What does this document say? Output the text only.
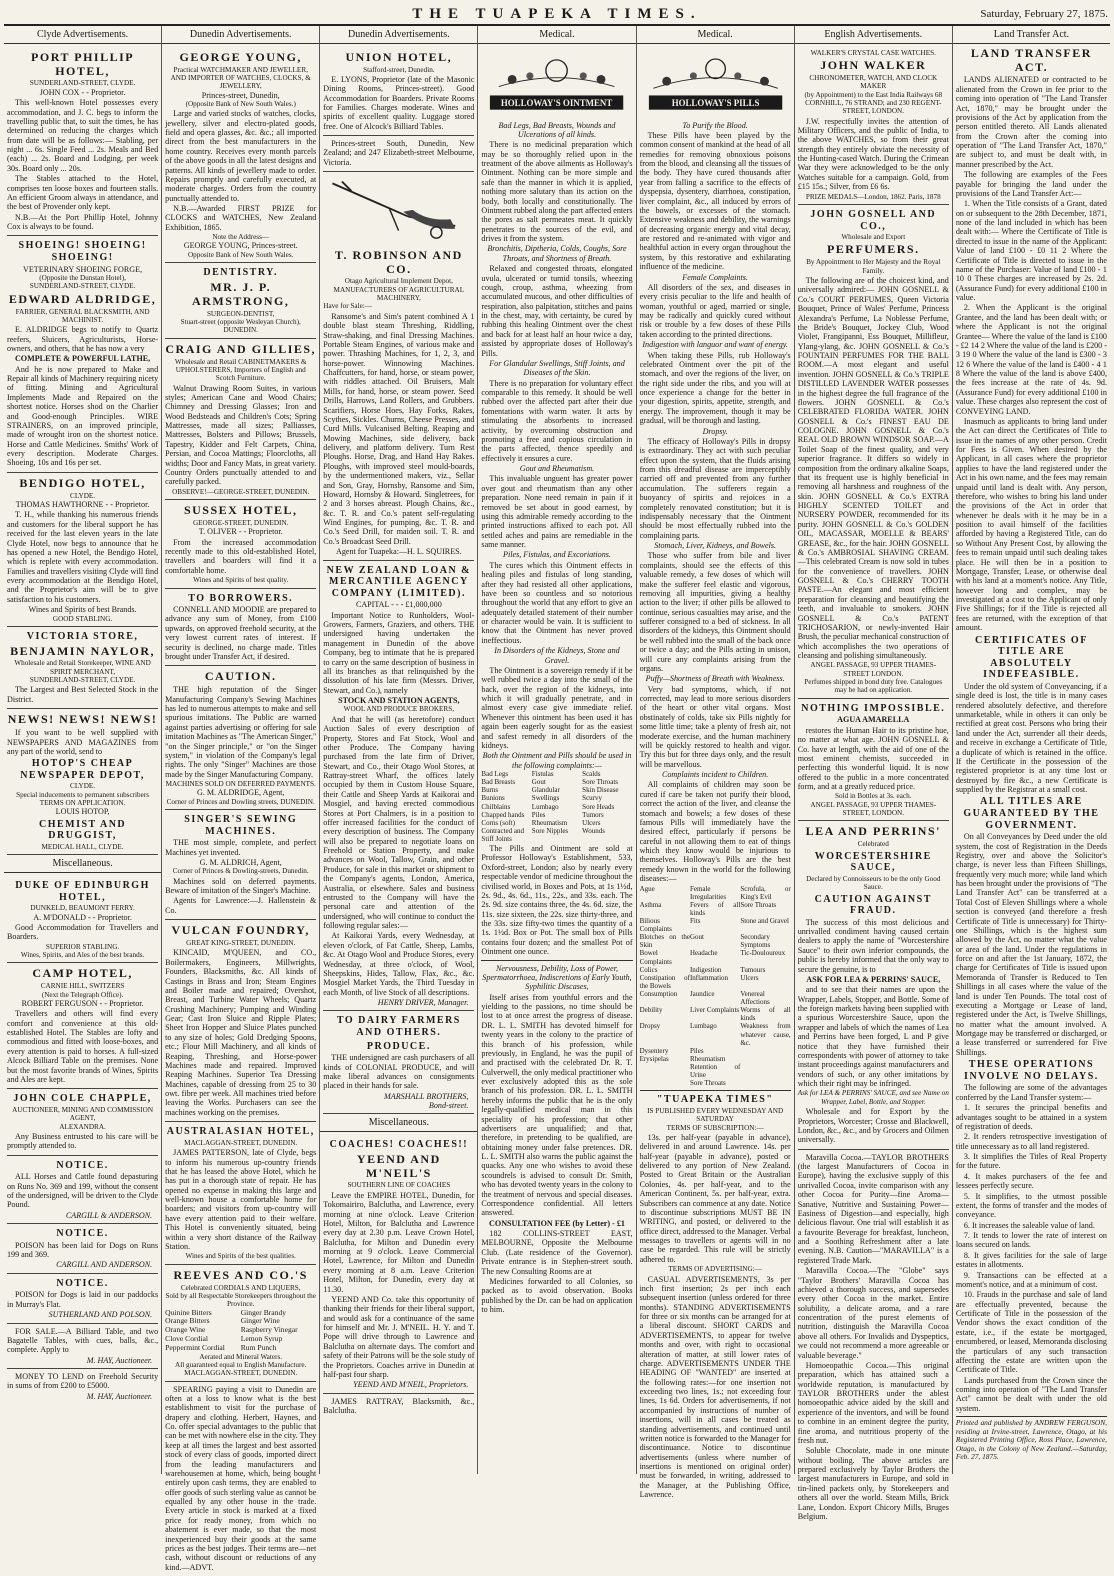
THE TUAPEKA TIMES.	Saturday, February 27, 1875.
Clyde Advertisements.
PORT PHILLIP HOTEL,
SUNDERLAND-STREET, CLYDE.
JOHN COX - - Proprietor.

This well-known Hotel possesses every accommodation, and J. C. begs to inform the travelling public that, to suit the times, he has determined on reducing the charges which from date will be as follows:— Stabling, per night ... 6s. Single Feed ... 2s. Meals and Bed (each) ... 2s. Board and Lodging, per week 30s. Board only ... 20s.

The Stables attached to the Hotel, comprises ten loose boxes and fourteen stalls. An efficient Groom always in attendance, and the best of Provender only kept.

N.B.—At the Port Phillip Hotel, Johnny Cox is always to be found.

SHOEING! SHOEING! SHOEING!
VETERINARY SHOEING FORGE,
(Opposite the Dunstan Hotel),
SUNDERLAND-STREET, CLYDE.
EDWARD ALDRIDGE,
FARRIER, GENERAL BLACKSMITH, AND MACHINIST.

E. ALDRIDGE begs to notify to Quartz reefers, Sluicers, Agriculturists, Horse-owners, and others, that he has now a very

COMPLETE & POWERFUL LATHE,

And he is now prepared to Make and Repair all kinds of Machinery requiring nicety of fitting. Mining and Agricultural Implements Made and Repaired on the shortest notice. Horses shod on the Charlier and Good-enough Principles. WIRE STRAINERS, on an improved principle, made of wrought iron on the shortest notice. Horse and Cattle Medicines. Smiths' Work of every description. Moderate Charges. Shoeing, 10s and 16s per set.

BENDIGO HOTEL,
CLYDE.
THOMAS HAWTHORNE - - Proprietor.

T. H., while thanking his numerous friends and customers for the liberal support he has received for the last eleven years in the late Clyde Hotel, now begs to announce that he has opened a new Hotel, the Bendigo Hotel, which is replete with every accommodation. Families and travellers visiting Clyde will find every accommodation at the Bendigo Hotel, and the Proprietor's aim will be to give satisfaction to his customers.

Wines and Spirits of best Brands.
GOOD STABLING.
VICTORIA STORE,
BENJAMIN NAYLOR,
Wholesale and Retail Storekeeper, WINE AND SPIRIT MERCHANT,
SUNDERLAND-STREET, CLYDE.

The Largest and Best Selected Stock in the District.

NEWS! NEWS! NEWS!

If you want to be well supplied with NEWSPAPERS AND MAGAZINES from any part of the world, send to

HOTOP'S CHEAP NEWSPAPER DEPOT,
CLYDE.
Special inducements to permanent subscribers
TERMS ON APPLICATION.
LOUIS HOTOP,
CHEMIST AND DRUGGIST,
MEDICAL HALL, CLYDE.
Miscellaneous.
DUKE OF EDINBURGH HOTEL,
DUNKELD, BEAUMONT FERRY.
A. M'DONALD - - Proprietor.

Good Accommodation for Travellers and Boarders.

SUPERIOR STABLING.
Wines, Spirits, and Ales of the best brands.
CAMP HOTEL,
CARNIE HILL, SWITZERS
(Next the Telegraph Office).
ROBERT FERGUSON - - Proprietor.

Travellers and others will find every comfort and convenience at this old-established Hotel. The Stables are lofty and commodious and fitted with loose-boxes, and every attention is paid to horses. A full-sized Alcock Billiard Table on the premises. None but the most favorite brands of Wines, Spirits and Ales are kept.

JOHN COLE CHAPPLE,
AUCTIONEER, MINING AND COMMISSION AGENT,
ALEXANDRA.

Any Business entrusted to his care will be promptly attended to.

NOTICE.

ALL Horses and Cattle found depasturing on Runs No. 369 and 199, without the consent of the undersigned, will be driven to the Clyde Pound.

CARGILL & ANDERSON.
NOTICE.

POISON has been laid for Dogs on Runs 199 and 369.

CARGILL AND ANDERSON.
NOTICE.

POISON for Dogs is laid in our paddocks in Murray's Flat.

SUTHERLAND AND POLSON.

FOR SALE.—A Billiard Table, and two Bagatelle Tables, with cues, balls, &c., complete. Apply to

M. HAY, Auctioneer.

MONEY TO LEND on Freehold Security in sums of from £200 to £5000.

M. HAY, Auctioneer.
Dunedin Advertisements.
GEORGE YOUNG,
Practical WATCHMAKER AND JEWELLER, AND IMPORTER OF WATCHES, CLOCKS, & JEWELLERY,
Princes-street, Dunedin,
(Opposite Bank of New South Wales.)

Large and varied stocks of watches, clocks, jewellery, silver and electro-plated goods, field and opera glasses, &c. &c.; all imported direct from the best manufacturers in the home country. Receives every month parcels of the above goods in all the latest designs and patterns. All kinds of jewellery made to order. Repairs promptly and carefully executed, at moderate charges. Orders from the country punctually attended to.

N.B.—Awarded FIRST PRIZE for CLOCKS and WATCHES, New Zealand Exhibition, 1865.

Note the Address—
GEORGE YOUNG, Princes-street.
Opposite Bank of New South Wales.
DENTISTRY.
MR. J. P. ARMSTRONG,
SURGEON-DENTIST,
Stuart-street (opposite Wesleyan Church), DUNEDIN.
CRAIG AND GILLIES,
Wholesale and Retail CABINETMAKERS & UPHOLSTERERS, Importers of English and Scotch Furniture.

Walnut Drawing Room Suites, in various styles; American Cane and Wood Chairs; Chimney and Dressing Glasses; Iron and Wood Bedsteads and Children's Cots; Spring Mattresses, made all sizes; Palliasses, Mattresses, Bolsters and Pillows; Brussels, Tapestry, Kidder and Felt Carpets, China, Persian, and Cocoa Mattings; Floorcloths, all widths; Door and Fancy Mats, in great variety. Country Orders punctually attended to and carefully packed.

OBSERVE!—GEORGE-STREET, DUNEDIN.
SUSSEX HOTEL,
GEORGE-STREET, DUNEDIN.
T. OLIVER - - Proprietor.

From the increased accommodation recently made to this old-established Hotel, travellers and boarders will find it a comfortable home.

Wines and Spirits of best quality.
TO BORROWERS.

CONNELL AND MOODIE are prepared to advance any sum of Money, from £100 upwards, on approved freehold security, at the very lowest current rates of interest. If security is declined, no charge made. Titles brought under Transfer Act, if desired.

CAUTION.

THE high reputation of the Singer Manufacturing Company's Sewing Machines has led to numerous attempts to make and sell spurious imitations. The Public are warned against parties advertising or offering for sale imitation Machines as "The American Singer," "on the Singer principle," or "on the Singer system," in violation of the Company's legal rights. The only "Singer" Machines are those made by the Singer Manufacturing Company.

MACHINES SOLD ON DEFERRED PAYMENTS.
G. M. ALDRIDGE, Agent,
Corner of Princes and Dowling streets, DUNEDIN.
SINGER'S SEWING MACHINES.

THE most simple, complete, and perfect Machines yet invented.

G. M. ALDRICH, Agent,
Corner of Princes & Dowling-streets, Dunedin.

Machines sold on deferred payments. Beware of imitation of the Singer's Machine.

Agents for Lawrence:—J. Hallenstein & Co.

VULCAN FOUNDRY,
GREAT KING-STREET, DUNEDIN.

KINCAID, M'QUEEN, and CO., Boilermakers, Engineers, Millwrights, Founders, Blacksmiths, &c. All kinds of Castings in Brass and Iron; Steam Engines and Boiler made and repaired; Overshot, Breast, and Turbine Water Wheels; Quartz Crushing Machinery; Pumping and Winding Gear; Cast Iron Sluice and Ripple Plates; Sheet Iron Hopper and Sluice Plates punched to any size of holes; Gold Dredging Spoons, etc.; Flour Mill Machinery, and all kinds of Reaping, Threshing, and Horse-power Machines made and repaired. Improved Reaping Machines. Superior Tea Dressing Machines, capable of dressing from 25 to 30 owt. fibre per week. All machines tried before leaving the Works. Purchasers can see the machines working on the premises.

AUSTRALASIAN HOTEL,
MACLAGGAN-STREET, DUNEDIN.

JAMES PATTERSON, late of Clyde, begs to inform his numerous up-country friends that he has leased the above Hotel, which he has put in a thorough state of repair. He has opened no expense in making this large and well-known house a comfortable home for boarders; and visitors from up-country will have every attention paid to their welfare. This Hotel is conveniently situated, being within a very short distance of the Railway Station.

Wines and Spirits of the best qualities.
REEVES AND CO.'S
Celebrated CORDIALS AND LIQUERS,
Sold by all Respectable Storekeepers throughout the Province.
Quinine Bitters	Ginger Brandy
Orange Bitters	Ginger Wine
Orange Wine	Raspberry Vinegar
Clove Cordial	Lemon Syrup
Peppermint Cordial	Rum Punch
Aerated and Mineral Waters.
All guaranteed equal to English Manufacture.
MACLAGGAN-STREET, DUNEDIN.

SPEARING paying a visit to Dunedin are often at a loss to know what is the best establishment to visit for the purchase of drapery and clothing. Herbert, Haynes, and Co. offer special advantages to the public that can be met with nowhere else in the city. They keep at all times the largest and best assorted stock of every class of goods, imported direct from the leading manufacturers and warehousemen at home, which, being bought entirely upon cash terms, they are enabled to offer goods of such sterling value as cannot be equalled by any other house in the trade. Every article in stock is marked at a fixed price for ready money, from which no abatement is ever made, so that the most inexperienced buy their goods at the same prices as the best judges. Their terms are—net cash, without discount or reductions of any kind.—ADVT.

Dunedin Advertisements.
UNION HOTEL,
Stafford-street, Dunedin.

E. LYONS, Proprietor (late of the Masonic Dining Rooms, Princes-street). Good Accommodation for Boarders. Private Rooms for Families. Charges moderate. Wines and spirits of excellent quality. Luggage stored free. One of Alcock's Billiard Tables.

Princes-street South, Dunedin, New Zealand; and 247 Elizabeth-street Melbourne, Victoria.

T. ROBINSON AND CO.
Otago Agricultural Implement Depot, MANUFACTURERS OF AGRICULTURAL MACHINERY,
Have for Sale:—

Ransome's and Sim's patent combined A 1 double blast steam Threshing, Riddling, Straw-shaking, and final Dressing Machines. Portable Steam Engines, of various make and power. Thrashing Machines, for 1, 2, 3, and horse-power. Winnowing Machines. Chaffcutters, for hand, horse, or steam power, with riddles attached. Oil Bruisers, Malt Mills, for hand, horse, or steam power. Seed Drills, Harrows, Land Rollers, and Grubbers. Scarifiers, Horse Hoes, Hay Forks, Rakes, Scythes, Sickles. Churns, Cheese Presses, and Curd Mills. Vulcanised Belting. Reaping and Mowing Machines, side delivery, back delivery, and platform delivery. Turn Rest Ploughs. Horse, Drag, and Hand Hay Rakes. Ploughs, with improved steel mould-boards, by the undermentioned makers, viz., Sellar and Son, Gray, Hornsby, Ransome and Sim, Howard, Hornsby & Howard. Singletrees, for 2 and 3 horses abreast. Plough Chains, &c., &c. T. R. and Co.'s patent self-regulating Wind Engines, for pumping, &c. T. R. and Co.'s Seed Drill, for maiden soil. T. R. and Co.'s Broadcast Seed Drill.

Agent for Tuapeka:—H. L. SQUIRES.
NEW ZEALAND LOAN & MERCANTILE AGENCY COMPANY (LIMITED).
CAPITAL - - - £1,000,000

Important Notice to Runholders, Wool-Growers, Farmers, Graziers, and others. THE undersigned having undertaken the management in Dunedin of the above Company, beg to intimate that he is prepared to carry on the same description of business in all its branches as that relinquished by the dissolution of his late firm (Messrs. Driver, Stewart, and Co.), namely

STOCK AND STATION AGENTS,
WOOL AND PRODUCE BROKERS,

And that he will (as heretofore) conduct Auction Sales of every description of Property, Stores and Fat Stock, Wool and other Produce. The Company having purchased from the late firm of Driver, Stewart, and Co., their Otago Wool Stores, at Rattray-street Wharf, the offices lately occupied by them in Custom House Square, their Cattle and Sheep Yards at Kaikorai and Mosgiel, and having erected commodious Stores at Port Chalmers, is in a position to offer increased facilities for the conduct of every description of business. The Company will also be prepared to negotiate loans on Freehold or Station Property, and make advances on Wool, Tallow, Grain, and other Produce, for sale in this market or shipment to the Company's agents, London, America, Australia, or elsewhere. Sales and business entrusted to the Company will have the personal care and attention of the undersigned, who will continue to conduct the following regular sales:—

At Kaikorai Yards, every Wednesday, at eleven o'clock, of Fat Cattle, Sheep, Lambs, &c. At Otago Wool and Produce Stores, every Wednesday, at three o'clock, of Wool, Sheepskins, Hides, Tallow, Flax, &c., &c. Mosgiel Market Yards, the Third Tuesday in each Month, of live Stock of all descriptions.

HENRY DRIVER, Manager.
TO DAIRY FARMERS AND OTHERS.
PRODUCE.

THE undersigned are cash purchasers of all kinds of COLONIAL PRODUCE, and will make liberal advances on consignments placed in their hands for sale.

MARSHALL BROTHERS,
Bond-street.
Miscellaneous.
COACHES! COACHES!!
YEEND AND M'NEIL'S
SOUTHERN LINE OF COACHES

Leave the EMPIRE HOTEL, Dunedin, for Tokomairiro, Balclutha, and Lawrence, every morning at nine o'clock. Leave Criterion Hotel, Milton, for Balclutha and Lawrence every day at 2.30 p.m. Leave Crown Hotel, Balclutha, for Milton and Dunedin every morning at 9 o'clock. Leave Commercial Hotel, Lawrence, for Milton and Dunedin every morning at 8 a.m. Leave Criterion Hotel, Milton, for Dunedin, every day at 11.30.

YEEND AND Co. take this opportunity of thanking their friends for their liberal support, and would ask for a continuance of the same for himself and Mr. J. M'NEIL. H. Y. and T. Pope will drive through to Lawrence and Balclutha on alternate days. The comfort and safety of their Patrons will be the sole study of the Proprietors. Coaches arrive in Dunedin at half-past four sharp.

YEEND AND M'NEIL, Proprietors.

JAMES RATTRAY, Blacksmith, &c., Balclutha.

Medical.
HOLLOWAY'S OINTMENT
Bad Legs, Bad Breasts, Wounds and Ulcerations of all kinds.

There is no medicinal preparation which may be so thoroughly relied upon in the treatment of the above ailments as Holloway's Ointment. Nothing can be more simple and safe than the manner in which it is applied, nothing more salutary than its action on the body, both locally and constitutionally. The Ointment rubbed along the part affected enters the pores as salt permeates meat. It quickly penetrates to the sources of the evil, and drives it from the system.

Bronchitis, Diptheria, Colds, Coughs, Sore Throats, and Shortness of Breath.

Relaxed and congested throats, elongated uvula, ulcerated or tumid tonsils, wheezing cough, croup, asthma, wheezing from accumulated mucous, and other difficulties of respiration, also palpitation, stitches and pains in the chest, may, with certainty, be cured by rubbing this healing Ointment over the chest and back for at least half an hour twice a day, assisted by appropriate doses of Holloway's Pills.

For Glandular Swellings, Stiff Joints, and Diseases of the Skin.

There is no preparation for voluntary effect comparable to this remedy. It should be well rubbed over the affected part after their due fomentations with warm water. It acts by stimulating the absorbents to increased activity, by overcoming obstruction and promoting a free and copious circulation in the parts affected, thence speedily and effectively it ensures a cure.

Gout and Rheumatism.

This invaluable unguent has greater power over gout and rheumatism than any other preparation. None need remain in pain if it removed be set about in good earnest, by using this admirable remedy according to the printed instructions affixed to each pot. All settled aches and pains are remediable in the same manner.

Piles, Fistulas, and Excoriations.

The cures which this Ointment effects in healing piles and fistulas of long standing, after they had resisted all other applications, have been so countless and so notorious throughout the world that any effort to give an adequately detailed statement of their number or character would be vain. It is sufficient to know that the Ointment has never proved ineffectious.

In Disorders of the Kidneys, Stone and Gravel.

The Ointment is a sovereign remedy if it be well rubbed twice a day into the small of the back, over the region of the kidneys, into which it will gradually penetrate, and in almost every case give immediate relief. Whenever this ointment has been used it has again been eagerly sought for as the easiest and safest remedy in all disorders of the kidneys.

Both the Ointment and Pills should be used in the following complaints:—
Bad Legs	Fistulas	Scalds
Bad Breasts	Gout	Sore Throats
Burns	Glandular	Skin Disease
Bunions	Swellings	Scurvy
Chilblains	Lumbago	Sore Heads
Chapped hands	Piles	Tumors
Corns (soft)	Rheumatism	Ulcers
Contracted and	Sore Nipples	Wounds
Stiff Joints

The Pills and Ointment are sold at Professor Holloway's Establishment, 533, Oxford-street, London; also by nearly every respectable vendor of medicine throughout the civilised world, in Boxes and Pots, at 1s 1½d, 2s. 9d., 4s. 6d., 11s., 22s., and 33s. each. The 2s. 9d. size contains three, the 4s. 6d. size, the 11s. size sixteen, the 22s. size thirty-three, and the 33s. size fifty-two times the quantity of a 1s. 1½d. Box or Pot. The small box of Pills contains four dozen; and the smallest Pot of Ointment one ounce.

Nervousness, Debility, Loss of Power, Spermatorrhoea, Indiscretions of Early Youth, Syphilitic Discases,

Itself arises from youthful errors and the yielding to the passions, no time should be lost to at once arrest the progress of disease. DR. L. L. SMITH has devoted himself for twenty years in the colony to the practice of this branch of his profession, while previously, in England, he was the pupil of and practised with the celebrated Dr. R. T. Culverwell, the only medical practitioner who ever exclusively adopted this as the sole branch of his profession. DR. L. L. SMITH hereby informs the public that he is the only legally-qualified medical man in this speciality of his profession; that other advertisers are unqualified; and that, therefore, in pretending to be qualified, are obtaining money under false pretences. DR. L. L. SMITH also warns the public against the quacks. Any one who wishes to avoid these scoundrels is advised to consult Dr. Smith, who has devoted twenty years in the colony to the treatment of nervous and special diseases. Correspondence confidential. All letters answered.

CONSULTATION FEE (by Letter) - £1

182 COLLINS-STREET EAST, MELBOURNE, Opposite the Melbourne Club. (Late residence of the Governor). Private entrance is in Stephen-street south. The new Consulting Rooms are at

Medicines forwarded to all Colonies, so packed as to avoid observation. Books published by the Dr. can be had on application to him.

Medical.
HOLLOWAY'S PILLS
To Purify the Blood.

These Pills have been played by the common consent of mankind at the head of all remedies for removing obnoxious poisons from the blood, and cleansing all the tissues of the body. They have cured thousands after year from falling a sacrifice to the effects of dyspepsia, dysentery, diarrhoea, constipation, liver complaint, &c., all induced by errors of the bowels, or excesses of the stomach. Extensive weakness and debility, the warnings of decreasing organic energy and vital decay, are restored and re-animated with vigor and healthful action in every organ throughout the system, by this restorative and exhilarating influence of the medicine.

Female Complaints.

All disorders of the sex, and diseases in every crisis peculiar to the life and health of woman, youthful or aged, married or single, may be radically and quickly cured without risk or trouble by a few doses of these Pills taken according to the printed directions.

Indigestion with languor and want of energy.

When taking these Pills, rub Holloway's celebrated Ointment over the pit of the stomach, and over the regions of the liver, on the right side under the ribs, and you will at once experience a change for the better in your digestion, spirits, appetite, strength, and energy. The improvement, though it may be gradual, will be thorough and lasting.

Dropsy.

The efficacy of Holloway's Pills in dropsy is extraordinary. They act with such peculiar effect upon the system, that the fluids arising from this dreadful disease are imperceptibly carried off and prevented from any further accumulation. The sufferers regain a buoyancy of spirits and rejoices in a completely renovated constitution; but it is indispensably necessary that the Ointment should be most effectually rubbed into the complaining parts.

Stomach, Liver, Kidneys, and Bowels.

Those who suffer from bile and liver complaints, should see the effects of this valuable remedy, a few doses of which will make the sufferer feel elastic and vigorous, removing all impurities, giving a healthy action to the liver; if other pills be allowed to continue, serious casualties may arise, and the sufferer consigned to a bed of sickness. In all disorders of the kidneys, this Ointment should be well rubbed into the small of the back once or twice a day; and the Pills acting in unison, will cure any complaints arising from the organs.

Puffy—Shortness of Breath with Weakness.

Very bad symptoms, which, if not corrected, may lead to more serious disorders of the heart or other vital organs. Most obstinately of colds, take six Pills nightly for some little time; take a plenty of fresh air, not moderate exercise, and the human machinery will be quickly restored to health and vigor. Try this but for three days only, and the result will be marvellous.

Complaints incident to Children.

All complaints of children may soon be cured if care be taken not purify their blood, correct the action of the liver, and cleanse the stomach and bowels; a few doses of these famous Pills will immediately have the desired effect, particularly if persons be careful in not allowing them to eat of things which they know would be injurious to themselves. Holloway's Pills are the best remedy known in the world for the following diseases:—

Ague	Female Irregularities
Scrofula, or King's Evil
Asthma	Fevers of all kinds
Sore Throats
Bilious Complaints
Fits	Stone and Gravel
Blotches on the Skin
Gout	Secondary Symptoms
Bowel Complaints
Headache	Tic-Douloureux
Colics	Indigestion	Tumours
Constipation of the Bowels
Inflammation	Ulcers
Consumption	Jaundice	Venereal Affections
Debility	Liver Complaints Worms of all kinds
Dropsy	Lumbago	Weakness from whatever cause, &c.
Dysentery	Piles
Erysipelas	Rheumatism
Retention of Urine
Sore Throats
"TUAPEKA TIMES"
IS PUBLISHED EVERY WEDNESDAY AND SATURDAY
TERMS OF SUBSCRIPTION:—

13s. per half-year (payable in advance), delivered in and around Lawrence. 14s. per half-year (payable in advance), posted or delivered to any portion of New Zealand. Posted to Great Britain or the Australian Colonies, 4s. per half-year, and to the American Continent, 5s. per half-year, extra. Subscribers can commence at any date. Notice to discontinue subscriptions MUST BE IN WRITING, and posted, or delivered to the office direct, addressed to the Manager. Verbal messages to travellers or agents will in no case be regarded. This rule will be strictly adhered to.

TERMS OF ADVERTISING:—

CASUAL ADVERTISEMENTS, 3s per inch first insertion; 2s per inch each subsequent insertion (unless ordered for three months). STANDING ADVERTISEMENTS for three or six months can be arranged for at a liberal discount. SHORT CARDS and ADVERTISEMENTS, to appear for twelve months and over, with right to occasional alteration of matter, at still lower rates of charge. ADVERTISEMENTS UNDER THE HEADING OF "WANTED" are inserted at the following rates:—for one insertion not exceeding two lines, 1s.; not exceeding four lines, 1s 6d. Orders for advertisements, if not accompanied by instructions of number of insertions, will in all cases be treated as standing advertisements, and continued until written notice is forwarded to the Manager for discontinuance. Notice to discontinue advertisements (unless where number of insertions is mentioned on original order) must be forwarded, in writing, addressed to the Manager, at the Publishing Office, Lawrence.

English Advertisements.
WALKER'S CRYSTAL CASE WATCHES.
JOHN WALKER
CHRONOMETER, WATCH, AND CLOCK MAKER
(by Appointment) to the East India Railways 68 CORNHILL, 76 STRAND; and 230 REGENT-STREET, LONDON.

J.W. respectfully invites the attention of Military Officers, and the public of India, to the above WATCHES, so from their great strength they entirely obviate the necessity of the Hunting-cased Watch. During the Crimean War they were acknowledged to be the only Watches suitable for a campaign. Gold, from £15 15s.; Silver, from £6 6s.

PRIZE MEDALS—London, 1862. Paris, 1878
JOHN GOSNELL AND CO.,
Wholesale and Export
PERFUMERS.
By Appointment to Her Majesty and the Royal Family.

The following are of the choicest kind, and universally admired:— JOHN GOSNELL & Co.'s COURT PERFUMES, Queen Victoria Bouquet, Prince of Wales' Perfume, Princess Alexandra's Perfume, La Noblesse Perfume, the Bride's Bouquet, Jockey Club, Wood Violet, Frangipanni, Ess Bouquet, Millifleur, Ylang-ylang, &c. JOHN GOSNELL & Co.'s FOUNTAIN PERFUMES FOR THE BALL ROOM.—A most elegant and useful invention. JOHN GOSNELL & Co.'s TRIPLE DISTILLED LAVENDER WATER possesses in the highest degree the full fragrance of the flowers. JOHN GOSNELL & Co.'s CELEBRATED FLORIDA WATER. JOHN GOSNELL & Co.'s FINEST EAU DE COLOGNE. JOHN GOSNELL & Co.'s REAL OLD BROWN WINDSOR SOAP.—A Toilet Soap of the finest quality, and very superior fragrance. It differs so widely in composition from the ordinary alkaline Soaps, that its frequent use is highly beneficial in removing all harshness and roughness of the skin. JOHN GOSNELL & Co.'s EXTRA HIGHLY SCENTED TOILET and NURSERY POWDER, recommended for its purity. JOHN GOSNELL & Co.'s GOLDEN OIL, MACASSAR, MOELLE & BEARS' GREASE, &c., for the hair. JOHN GOSNELL & Co.'s AMBROSIAL SHAVING CREAM.—This celebrated Cream is now sold in tubes for the convenience of travellers. JOHN GOSNELL & Co.'s CHERRY TOOTH PASTE.—An elegant and most efficient preparation for cleansing and beautifying the teeth, and invaluable to smokers. JOHN GOSNELL & Co.'s PATENT TRICHOSARION, or newly-invented Hair Brush, the peculiar mechanical construction of which accomplishes the two operations of cleansing and polishing simultaneously.

ANGEL PASSAGE, 93 UPPER THAMES-STREET LONDON.
Perfumes shipped in bond duty free. Catalogues may be had on application.
NOTHING IMPOSSIBLE.
AGUA AMARELLA

restores the Human Hair to its pristine hue, no matter at what age. JOHN GOSNELL & Co. have at length, with the aid of one of the most eminent chemists, succeeded in perfecting this wonderful liquid. It is now offered to the public in a more concentrated form, and at a greatly reduced price.

Sold in Bottles at 3s. each.
ANGEL PASSAGE, 93 UPPER THAMES-STREET, LONDON.
LEA AND PERRINS'
Celebrated
WORCESTERSHIRE SAUCE,
Declared by Connoisseurs to be the only Good Sauce.
CAUTION AGAINST FRAUD.

The success of this most delicious and unrivalled condiment having caused certain dealers to apply the name of "Worcestershire Sauce" to their own inferior compounds, the public is hereby informed that the only way to secure the genuine, is to

ASK FOR LEA & PERRINS' SAUCE,

and to see that their names are upon the Wrapper, Labels, Stopper, and Bottle. Some of the foreign markets having been supplied with a spurious Worcestershire Sauce, upon the wrapper and labels of which the names of Lea and Perrins have been forged, L and P give notice that they have furnished their correspondents with power of attorney to take instant proceedings against manufacturers and vendors of such, or any other imitations by which their right may be infringed.

Ask for LEA & PERRINS' SAUCE, and see Name on Wrapper, Label, Bottle, and Stopper.

Wholesale and for Export by the Proprietors, Worcester; Crosse and Blackwell, London, &c., &c., and by Grocers and Oilmen universally.

Maravilla Cocoa.—TAYLOR BROTHERS (the largest Manufacturers of Cocoa in Europe), having the exclusive supply of this unrivalled Cocoa, invite comparison with any other Cocoa for Purity—fine Aroma—Sanative, Nutritive and Sustaining Power—Easiness of Digestion—and especially, high delicious flavour. One trial will establish it as a favourite Beverage for breakfast, luncheon, and a Soothing Refreshment after a late evening. N.B. Caution—"MARAVILLA" is a registered Trade Mark.

Maravilla Cocoa.—The "Globe" says "Taylor Brothers' Maravilla Cocoa has achieved a thorough success, and supersedes every other Cocoa in the market. Entire solubility, a delicate aroma, and a rare concentration of the purest elements of nutrition, distinguish the Maravilla Cocoa above all others. For Invalids and Dyspeptics, we could not recommend a more agreeable or valuable beverage."

Homoeopathic Cocoa.—This original preparation, which has attained such a worldwide reputation, is manufactured by TAYLOR BROTHERS under the ablest homoeopathic advice aided by the skill and experience of the inventors, and will be found to combine in an eminent degree the purity, fine aroma, and nutritious property of the fresh nut.

Soluble Chocolate, made in one minute without boiling. The above articles are prepared exclusively by Taylor Brothers the largest manufacturers in Europe, and sold in tin-lined packets only, by Storekeepers and others all over the world. Steam Mills, Brick Lane, London. Export Chicory Mills, Bruges Belgium.

Land Transfer Act.
LAND TRANSFER ACT.

LANDS ALIENATED or contracted to be alienated from the Crown in fee prior to the coming into operation of "The Land Transfer Act, 1870," may be brought under the provisions of the Act by application from the person entitled thereto. All Lands alienated from the Crown after the coming into operation of "The Land Transfer Act, 1870," are subject to, and must be dealt with, in manner prescribed by the Act.

The following are examples of the Fees payable for bringing the land under the provisions of the Land Transfer Act:—

1. When the Title consists of a Grant, dated on or subsequent to the 28th December, 1871, none of the land included in which has been dealt with:— Where the Certificate of Title is directed to issue in the name of the Applicant: Value of land £100 - £0 11 2 Where the Certificate of Title is directed to issue in the name of the Purchaser: Value of land £100 - 1 10 0 These charges are increased by 2s. 2d. (Assurance Fund) for every additional £100 in value.

2. When the Applicant is the original Grantee, and the land has been dealt with; or where the Applicant is not the original Grantee— Where the value of the land is £100 - £2 14 2 Where the value of the land is £200 - 3 19 0 Where the value of the land is £300 - 3 12 6 Where the value of the land is £400 - 4 1 8 Where the value of the land is above £400, the fees increase at the rate of 4s. 9d. (Assurance Fund) for every additional £100 in value. These charges also represent the cost of CONVEYING LAND.

Inasmuch as applicants to bring land under the Act can direct the Certificates of Title to issue in the names of any other person. Credit for Fees is Given. When desired by the Applicant, in all cases where the proprietor applies to have the land registered under the Act in his own name, and the fees may remain unpaid until land is dealt with. Any person, therefore, who wishes to bring his land under the provisions of the Act in order that whenever he deals with it he may be in a position to avail himself of the facilities afforded by having a Registered Title, can do so Without Any Present Cost, by allowing the fees to remain unpaid until such dealing takes place. He will then be in a position to Mortgage, Transfer, Lease, or otherwise deal with his land at a moment's notice. Any Title, however long and complex, may be investigated at a cost to the Applicant of only Five Shillings; for if the Title is rejected all fees are returned, with the exception of that amount.

CERTIFICATES OF TITLE ARE ABSOLUTELY INDEFEASIBLE.

Under the old system of Conveyancing, if a single deed is lost, the title is in many cases rendered absolutely defective, and therefore unmarketable, while in others it can only be rectified at great cost. Persons who bring their land under the Act, surrender all their deeds, and receive in exchange a Certificate of Title, a duplicate of which is retained in the office. If the Certificate in the possession of the registered proprietor is at any time lost or destroyed by fire &c., a new Certificate is supplied by the Registrar at a small cost.

ALL TITLES ARE GUARANTEED BY THE GOVERNMENT.

On all Conveyances by Deed under the old system, the cost of Registration in the Deeds Registry, over and above the Solicitor's charge, is never less than Fifteen Shillings, frequently very much more; while land which has been brought under the provisions of "The Land Transfer Act" can be transferred at a Total Cost of Eleven Shillings where a whole section is conveyed (and therefore a fresh Certificate of Title is unnecessary) for Thirty-one Shillings, which is the highest sum allowed by the Act, no matter what the value or area of the land. Under the regulations in force on and after the 1st January, 1872, the charge for Certificates of Title is issued upon Memoranda of Transfer is Reduced to Ten Shillings in all cases where the value of the land is under Ten Pounds. The total cost of executing a Mortgage or Lease of land, registered under the Act, is Twelve Shillings, no matter what the amount involved. A Mortgage may be transferred or discharged, or a lease transferred or surrendered for Five Shillings.

THESE OPERATIONS INVOLVE NO DELAYS.

The following are some of the advantages conferred by the Land Transfer system:—

1. It secures the principal benefits and advantages sought to be attained in a system of registration of deeds.

2. It renders retrospective investigation of title unnecessary as to all land registered.

3. It simplifies the Titles of Real Property for the future.

4. It makes purchasers of the fee and lessees perfectly secure.

5. It simplifies, to the utmost possible extent, the forms of transfer and the modes of conveyance.

6. It increases the saleable value of land.

7. It tends to lower the rate of interest on loans secured on lands.

8. It gives facilities for the sale of large estates in allotments.

9. Transactions can be effected at a moment's notice, and at a minimum of cost.

10. Frauds in the purchase and sale of land are effectually prevented, because the Certificate of Title in the possession of the Vendor shows the exact condition of the estate, i.e., if the estate be mortgaged, encumbered, or leased, Memoranda disclosing the particulars of any such transaction affecting the estate are written upon the Certificate of Title.

Lands purchased from the Crown since the coming into operation of "The Land Transfer Act" cannot be dealt with under the old system.

Printed and published by ANDREW FERGUSON, residing at Irvine-street, Lawrence, Otago, at his Registered Printing Office, Ross Place, Lawrence, Otago, in the Colony of New Zealand.—Saturday, Feb. 27, 1875.
